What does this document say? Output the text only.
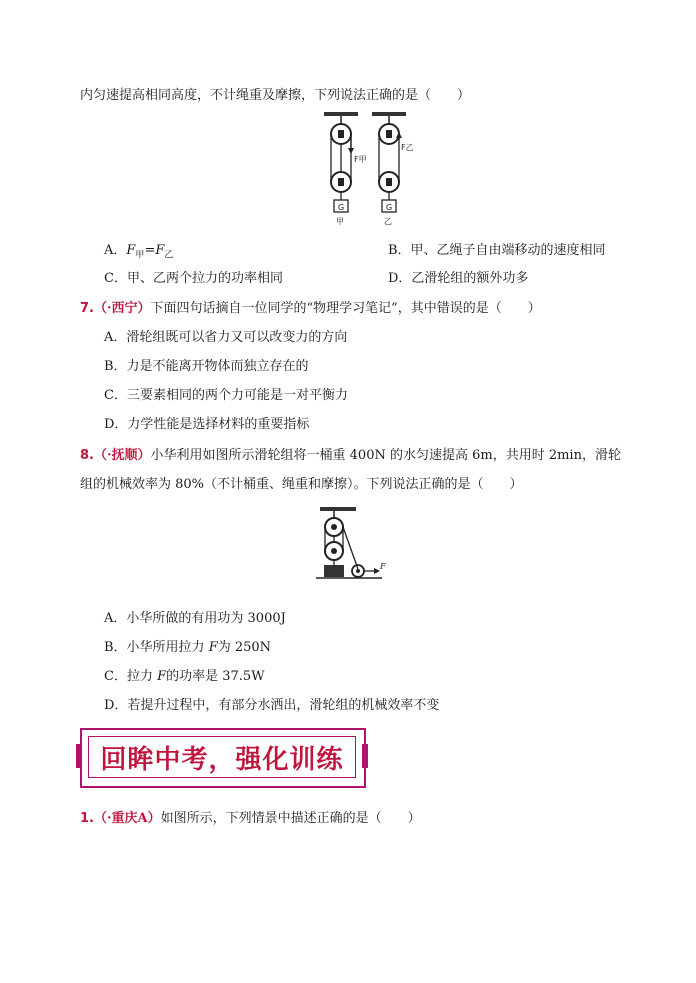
内匀速提高相同高度，不计绳重及摩擦，下列说法正确的是（　　）
F甲
F乙
G	G
甲	乙
A．$F_甲=F_乙$	B．甲、乙绳子自由端移动的速度相同
C．甲、乙两个拉力的功率相同	D．乙滑轮组的额外功多
7.（·西宁）下面四句话摘自一位同学的“物理学习笔记”，其中错误的是（　　）
A．滑轮组既可以省力又可以改变力的方向
B．力是不能离开物体而独立存在的
C．三要素相同的两个力可能是一对平衡力
D．力学性能是选择材料的重要指标
8.（·抚顺）小华利用如图所示滑轮组将一桶重 400N 的水匀速提高 6m，共用时 2min，滑轮
组的机械效率为 80%（不计桶重、绳重和摩擦）。下列说法正确的是（　　）
F
A．小华所做的有用功为 3000J
B．小华所用拉力 F为 250N
C．拉力 F的功率是 37.5W
D．若提升过程中，有部分水洒出，滑轮组的机械效率不变
回眸中考，强化训练
1.（·重庆A）如图所示，下列情景中描述正确的是（　　）
